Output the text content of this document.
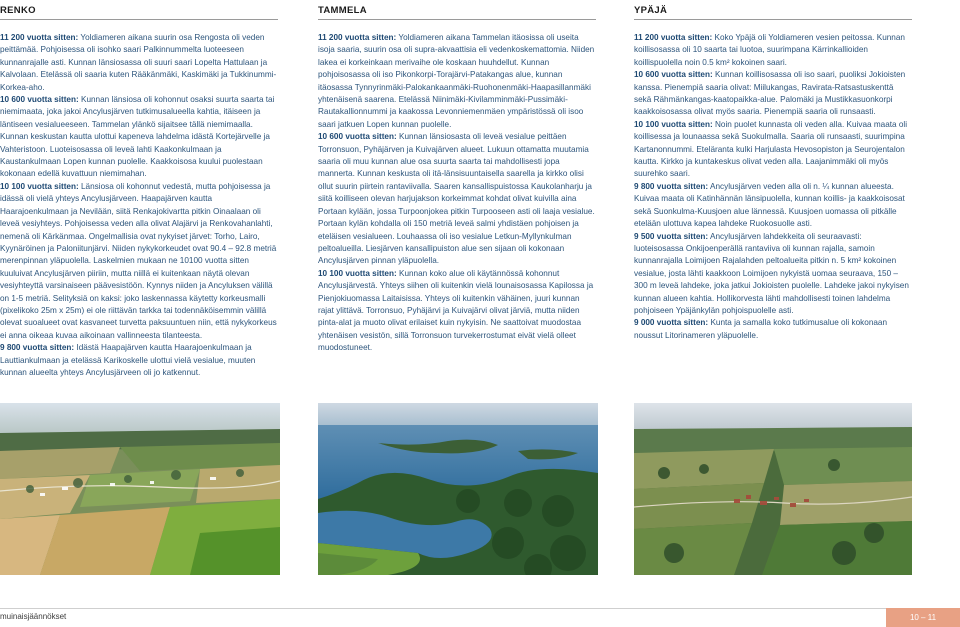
RENKO

11 200 vuotta sitten: Yoldiameren aikana suurin osa Rengosta oli veden peittämää. Pohjoisessa oli isohko saari Palkinnummelta luoteeseen kunnanrajalle asti. Kunnan länsiosassa oli suuri saari Lopelta Hattulaan ja Kalvolaan. Etelässä oli saaria kuten Rääkänmäki, Kaskimäki ja Tukkinummi-Korkea-aho.

10 600 vuotta sitten: Kunnan länsiosa oli kohonnut osaksi suurta saarta tai niemimaata, joka jakoi Ancylusjärven tutkimusalueella kahtia, itäiseen ja läntiseen vesialueeseen. Tammelan ylänkö sijaitsee tällä niemimaalla. Kunnan keskustan kautta ulottui kapeneva lahdelma idästä Kortejärvelle ja Vahteristoon. Luoteisosassa oli leveä lahti Kaakonkulmaan ja Kaustankulmaan Lopen kunnan puolelle. Kaakkoisosa kuului puolestaan kokonaan edellä kuvattuun niemimahan.

10 100 vuotta sitten: Länsiosa oli kohonnut vedestä, mutta pohjoisessa ja idässä oli vielä yhteys Ancylusjärveen. Haapajärven kautta Haarajoenkulmaan ja Nevilään, siitä Renkajokivartta pitkin Oinaalaan oli leveä vesiyhteys. Pohjoisessa veden alla olivat Alajärvi ja Renkovahanlahti, nemenä oli Kärkänmaa. Ongelmallisia ovat nykyiset järvet: Torho, Lairo, Kyynäröinen ja Paloniitunjärvi. Niiden nykykorkeudet ovat 90.4 – 92.8 metriä merenpinnan yläpuolella. Laskelmien mukaan ne 10100 vuotta sitten kuuluivat Ancylusjärven piiriin, mutta niillä ei kuitenkaan näytä olevan vesiyhteyttä varsinaiseen päävesistöön. Kynnys niiden ja Ancyluksen välillä on 1-5 metriä. Selityksiä on kaksi: joko laskennassa käytetty korkeusmalli (pixelikoko 25m x 25m) ei ole riittävän tarkka tai todennäköisemmin välillä olevat suoalueet ovat kasvaneet turvetta paksuuntuen niin, että nykykorkeus ei anna oikeaa kuvaa aikoinaan vallinneesta tilanteesta.

9 800 vuotta sitten: Idästä Haapajärven kautta Haarajoenkulmaan ja Lauttiankulmaan ja etelässä Karikoskelle ulottui vielä vesialue, muuten kunnan alueelta yhteys Ancylusjärveen oli jo katkennut.

TAMMELA

11 200 vuotta sitten: Yoldiameren aikana Tammelan itäosissa oli useita isoja saaria, suurin osa oli supra-akvaattisia eli vedenkoskemattomia. Niiden lakea ei korkeinkaan merivaihe ole koskaan huuhdellut. Kunnan pohjoisosassa oli iso Pikonkorpi-Torajärvi-Patakangas alue, kunnan itäosassa Tynnyrinmäki-Palokankaanmäki-Ruohonenmäki-Haapasillanmäki yhtenäisenä saarena. Etelässä Niinimäki-Kivilamminmäki-Pussimäki-Rautakallionnummi ja kaakossa Levonniemenmäen ympäristössä oli isoo saari jatkuen Lopen kunnan puolelle.

10 600 vuotta sitten: Kunnan länsiosasta oli leveä vesialue peittäen Torronsuon, Pyhäjärven ja Kuivajärven alueet. Lukuun ottamatta muutamia saaria oli muu kunnan alue osa suurta saarta tai mahdollisesti jopa mannerta. Kunnan keskusta oli itä-länsisuuntaisella saarella ja kirkko olisi ollut suurin piirtein rantaviivalla. Saaren kansallispuistossa Kaukolanharju ja siitä koilliseen olevan harjujakson korkeimmat kohdat olivat kuivilla aina Portaan kylään, jossa Turpoonjokea pitkin Turpooseen asti oli laaja vesialue. Portaan kylän kohdalla oli 150 metriä leveä salmi yhdistäen pohjoisen ja eteläisen vesialueen. Louhaassa oli iso vesialue Letkun-Myllynkulman peltoalueilla. Liesjärven kansallipuiston alue sen sijaan oli kokonaan Ancylusjärven pinnan yläpuolella.

10 100 vuotta sitten: Kunnan koko alue oli käytännössä kohonnut Ancylusjärvestä. Yhteys siihen oli kuitenkin vielä lounaisosassa Kapilossa ja Pienjokiuomassa Laitaisissa. Yhteys oli kuitenkin vähäinen, juuri kunnan rajat ylittävä. Torronsuo, Pyhäjärvi ja Kuivajärvi olivat järviä, mutta niiden pinta-alat ja muoto olivat erilaiset kuin nykyisin. Ne saattoivat muodostaa yhtenäisen vesistön, sillä Torronsuon turvekerrostumat eivät vielä olleet muodostuneet.

YPÄJÄ

11 200 vuotta sitten: Koko Ypäjä oli Yoldiameren vesien peitossa. Kunnan koillisosassa oli 10 saarta tai luotoa, suurimpana Kärrinkallioiden koillispuolella noin 0.5 km² kokoinen saari.

10 600 vuotta sitten: Kunnan koillisosassa oli iso saari, puoliksi Jokioisten kanssa. Pienempiä saaria olivat: Miilukangas, Ravirata-Ratsastuskenttä sekä Rähmänkangas-kaatopaikka-alue. Palomäki ja Mustikkasuonkorpi kaakkoisosassa olivat myös saaria. Pienempiä saaria oli runsaasti.

10 100 vuotta sitten: Noin puolet kunnasta oli veden alla. Kuivaa maata oli koillisessa ja lounaassa sekä Suokulmalla. Saaria oli runsaasti, suurimpina Kartanonnummi. Eteläranta kulki Harjulasta Hevosopiston ja Seurojentalon kautta. Kirkko ja kuntakeskus olivat veden alla. Laajanimmäki oli myös suurehko saari.

9 800 vuotta sitten: Ancylusjärven veden alla oli n. ¼ kunnan alueesta. Kuivaa maata oli Katinhännän länsipuolella, kunnan koillis- ja kaakkoisosat sekä Suonkulma-Kuusjoen alue lännessä. Kuusjoen uomassa oli pitkälle etelään ulottuva kapea lahdeke Ruokosuolle asti.

9 500 vuotta sitten: Ancylusjärven lahdekkeita oli seuraavasti: luoteisosassa Onkijoenperällä rantaviiva oli kunnan rajalla, samoin kunnanrajalla Loimijoen Rajalahden peltoalueita pitkin n. 5 km² kokoinen vesialue, josta lähti kaakkoon Loimijoen nykyistä uomaa seuraava, 150 – 300 m leveä lahdeke, joka jatkui Jokioisten puolelle. Lahdeke jakoi nykyisen kunnan alueen kahtia. Hollikorvesta lähti mahdollisesti toinen lahdelma pohjoiseen Ypäjänkylän pohjoispuolelle asti.

9 000 vuotta sitten: Kunta ja samalla koko tutkimusalue oli kokonaan noussut Litorinameren yläpuolelle.

muinaisjäännökset	10 – 11
